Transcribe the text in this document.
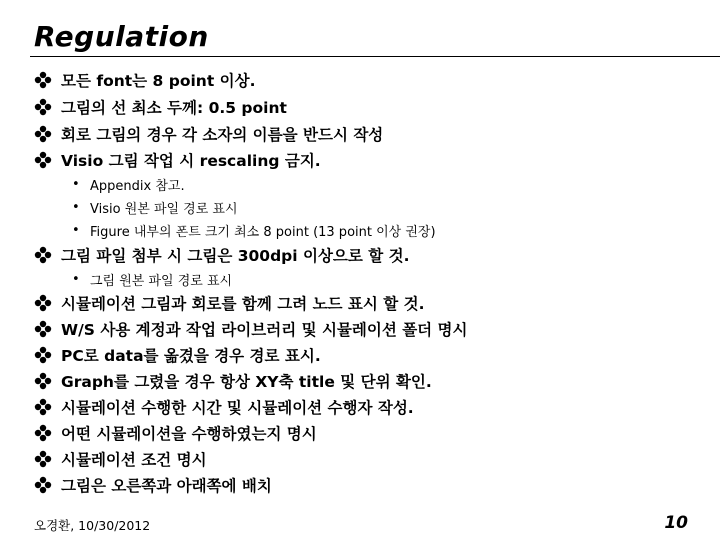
Regulation
모든 font는 8 point 이상.
그림의 선 최소 두께: 0.5 point
회로 그림의 경우 각 소자의 이름을 반드시 작성
Visio 그림 작업 시 rescaling 금지.
• Appendix 참고.
• Visio 원본 파일 경로 표시
• Figure 내부의 폰트 크기 최소 8 point (13 point 이상 권장)
그림 파일 첨부 시 그림은 300dpi 이상으로 할 것.
• 그림 원본 파일 경로 표시
시뮬레이션 그림과 회로를 함께 그려 노드 표시 할 것.
W/S 사용 계정과 작업 라이브러리 및 시뮬레이션 폴더 명시
PC로 data를 옮겼을 경우 경로 표시.
Graph를 그렸을 경우 항상 XY축 title 및 단위 확인.
시뮬레이션 수행한 시간 및 시뮬레이션 수행자 작성.
어떤 시뮬레이션을 수행하였는지 명시
시뮬레이션 조건 명시
그림은 오른쪽과 아래쪽에 배치
오경환, 10/30/2012	10
